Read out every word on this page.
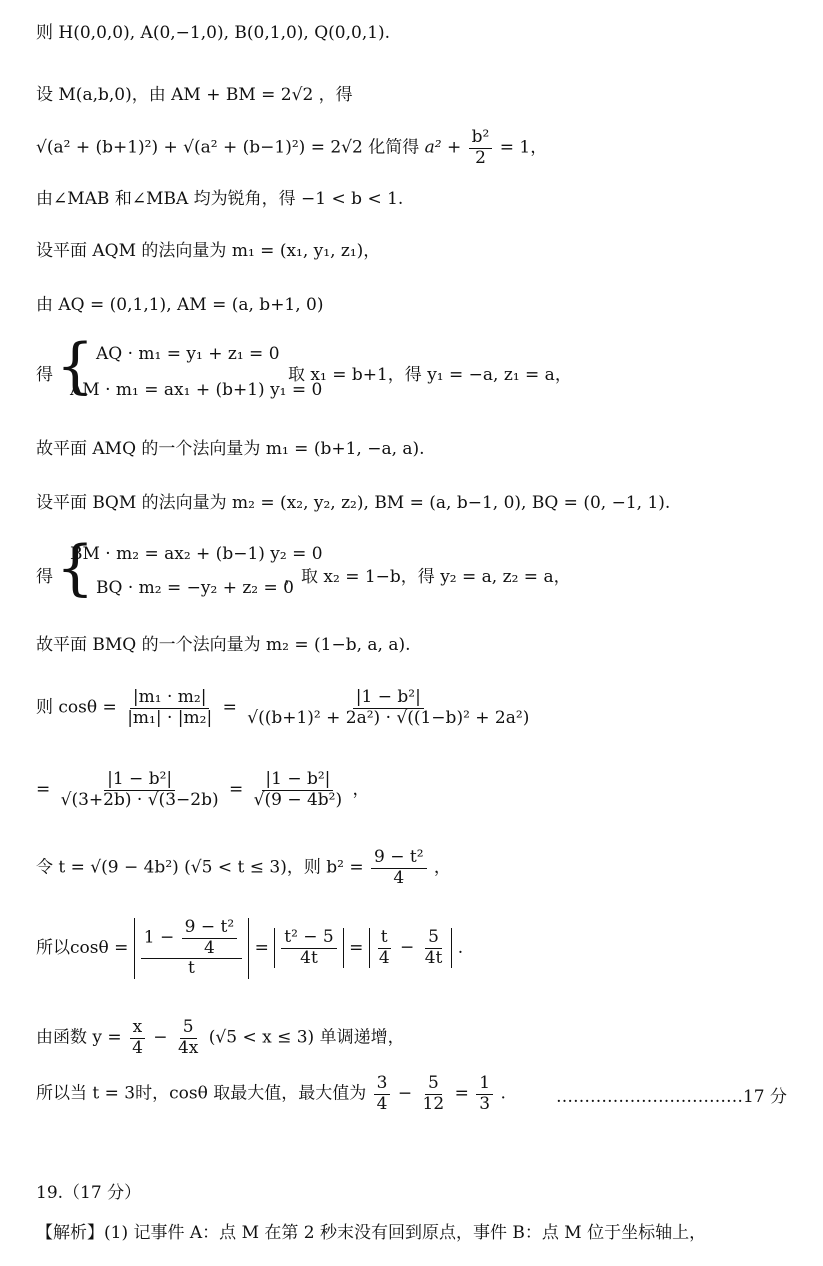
则 H(0,0,0), A(0,−1,0), B(0,1,0), Q(0,0,1).
设 M(a,b,0)，由 AM + BM = 2√2 ，得
√(a² + (b+1)²) + √(a² + (b−1)²) = 2√2 化简得 $a^2 + \frac{\text{b²}}{2} = 1$，
由∠MAB 和∠MBA 均为锐角，得 −1 < b < 1.
设平面 AQM 的法向量为 m₁ = (x₁, y₁, z₁)，
由 AQ = (0,1,1), AM = (a, b+1, 0)
得 { AQ · m₁ = y₁ + z₁ = 0
AM · m₁ = ax₁ + (b+1) y₁ = 0
取 x₁ = b+1，得 y₁ = −a, z₁ = a，
故平面 AMQ 的一个法向量为 m₁ = (b+1, −a, a).
设平面 BQM 的法向量为 m₂ = (x₂, y₂, z₂), BM = (a, b−1, 0), BQ = (0, −1, 1).
得 {
BM · m₂ = ax₂ + (b−1) y₂ = 0
BQ · m₂ = −y₂ + z₂ = 0
，取 x₂ = 1−b，得 y₂ = a, z₂ = a，
故平面 BMQ 的一个法向量为 m₂ = (1−b, a, a).
则 $\cos\theta = \frac{\text{|m₁ · m₂|}}{\text{|m₁| · |m₂|}} = \frac{\text{|1 − b²|}}{\text{√((b+1)² + 2a²) · √((1−b)² + 2a²)}}$
= $\frac{\text{|1 − b²|}}{√(3+2b) \cdot √(3-2b)} = \frac{\text{|1 − b²|}}{\text{√(9 − 4b²)}}$ ，
令 t = √(9 − 4b²) (√5 < t ≤ 3)，则 $b^2 = \frac{\text{9 − t²}}{4}$ ，
所以$\cos\theta = \frac{1 - \frac{\text{9 − t²}}{4}}{t} = \frac{\text{t² − 5}}{4t} = \frac{t}{4} - \frac{5}{4t}$ .
由函数 $y = \frac{x}{4} - \frac{5}{4x} (√5 < x \le 3)$ 单调递增，
所以当 t = 3时，cosθ 取最大值，最大值为 $\frac{3}{4} - \frac{5}{12} = \frac{1}{3}$ .	……………………………17 分
19.（17 分）
【解析】(1) 记事件 A：点 M 在第 2 秒末没有回到原点，事件 B：点 M 位于坐标轴上，
